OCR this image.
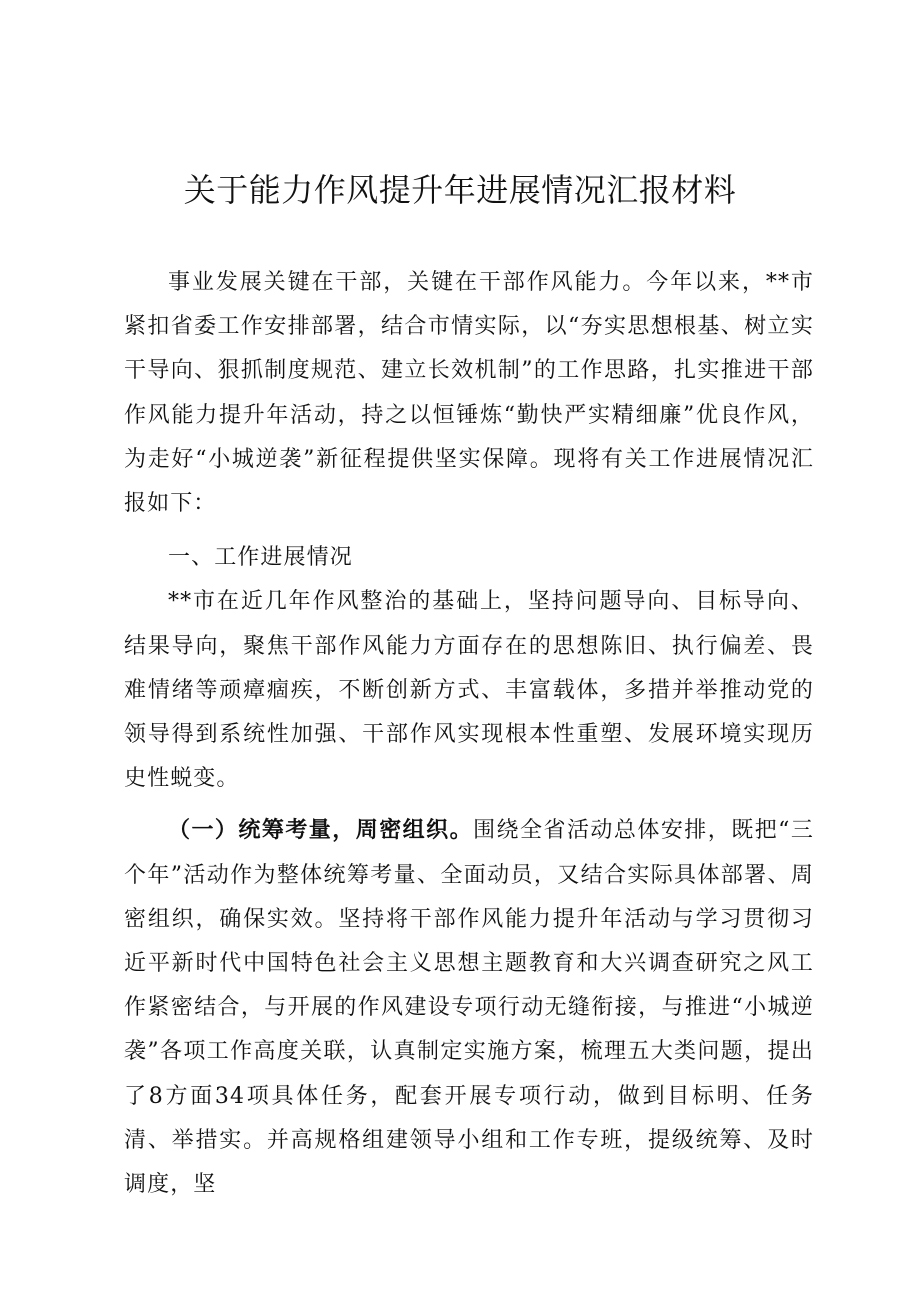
关于能力作风提升年进展情况汇报材料

事业发展关键在干部，关键在干部作风能力。今年以来，**市紧扣省委工作安排部署，结合市情实际，以“夯实思想根基、树立实干导向、狠抓制度规范、建立长效机制”的工作思路，扎实推进干部作风能力提升年活动，持之以恒锤炼“勤快严实精细廉”优良作风，为走好“小城逆袭”新征程提供坚实保障。现将有关工作进展情况汇报如下：

一、工作进展情况

**市在近几年作风整治的基础上，坚持问题导向、目标导向、结果导向，聚焦干部作风能力方面存在的思想陈旧、执行偏差、畏难情绪等顽瘴痼疾，不断创新方式、丰富载体，多措并举推动党的领导得到系统性加强、干部作风实现根本性重塑、发展环境实现历史性蜕变。

（一）统筹考量，周密组织。围绕全省活动总体安排，既把“三个年”活动作为整体统筹考量、全面动员，又结合实际具体部署、周密组织，确保实效。坚持将干部作风能力提升年活动与学习贯彻习近平新时代中国特色社会主义思想主题教育和大兴调查研究之风工作紧密结合，与开展的作风建设专项行动无缝衔接，与推进“小城逆袭”各项工作高度关联，认真制定实施方案，梳理五大类问题，提出了8方面34项具体任务，配套开展专项行动，做到目标明、任务清、举措实。并高规格组建领导小组和工作专班，提级统筹、及时调度，坚
